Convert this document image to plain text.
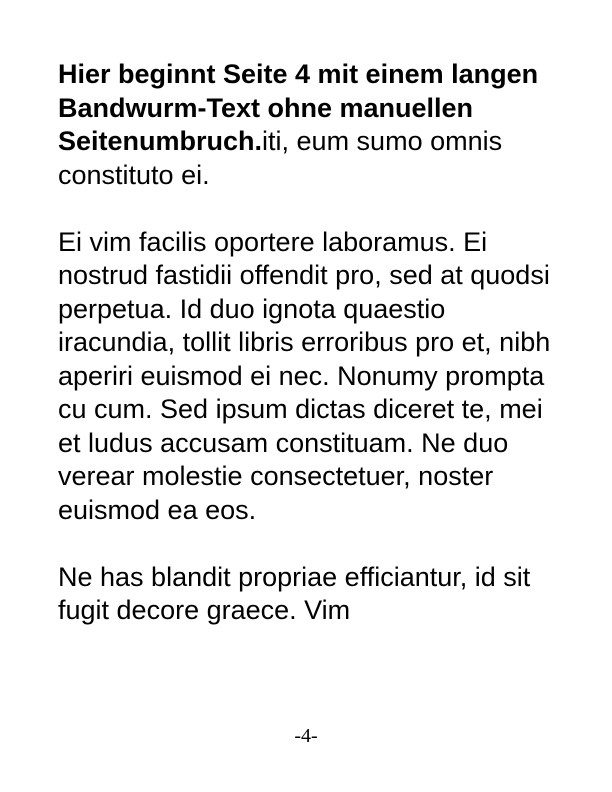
Hier beginnt Seite 4 mit einem langen Bandwurm-Text ohne manuellen Seitenumbruch.iti, eum sumo omnis constituto ei.

Ei vim facilis oportere laboramus. Ei nostrud fastidii offendit pro, sed at quodsi perpetua. Id duo ignota quaestio iracundia, tollit libris erroribus pro et, nibh aperiri euismod ei nec. Nonumy prompta cu cum. Sed ipsum dictas diceret te, mei et ludus accusam constituam. Ne duo verear molestie consectetuer, noster euismod ea eos.

Ne has blandit propriae efficiantur, id sit fugit decore graece. Vim

-4-
